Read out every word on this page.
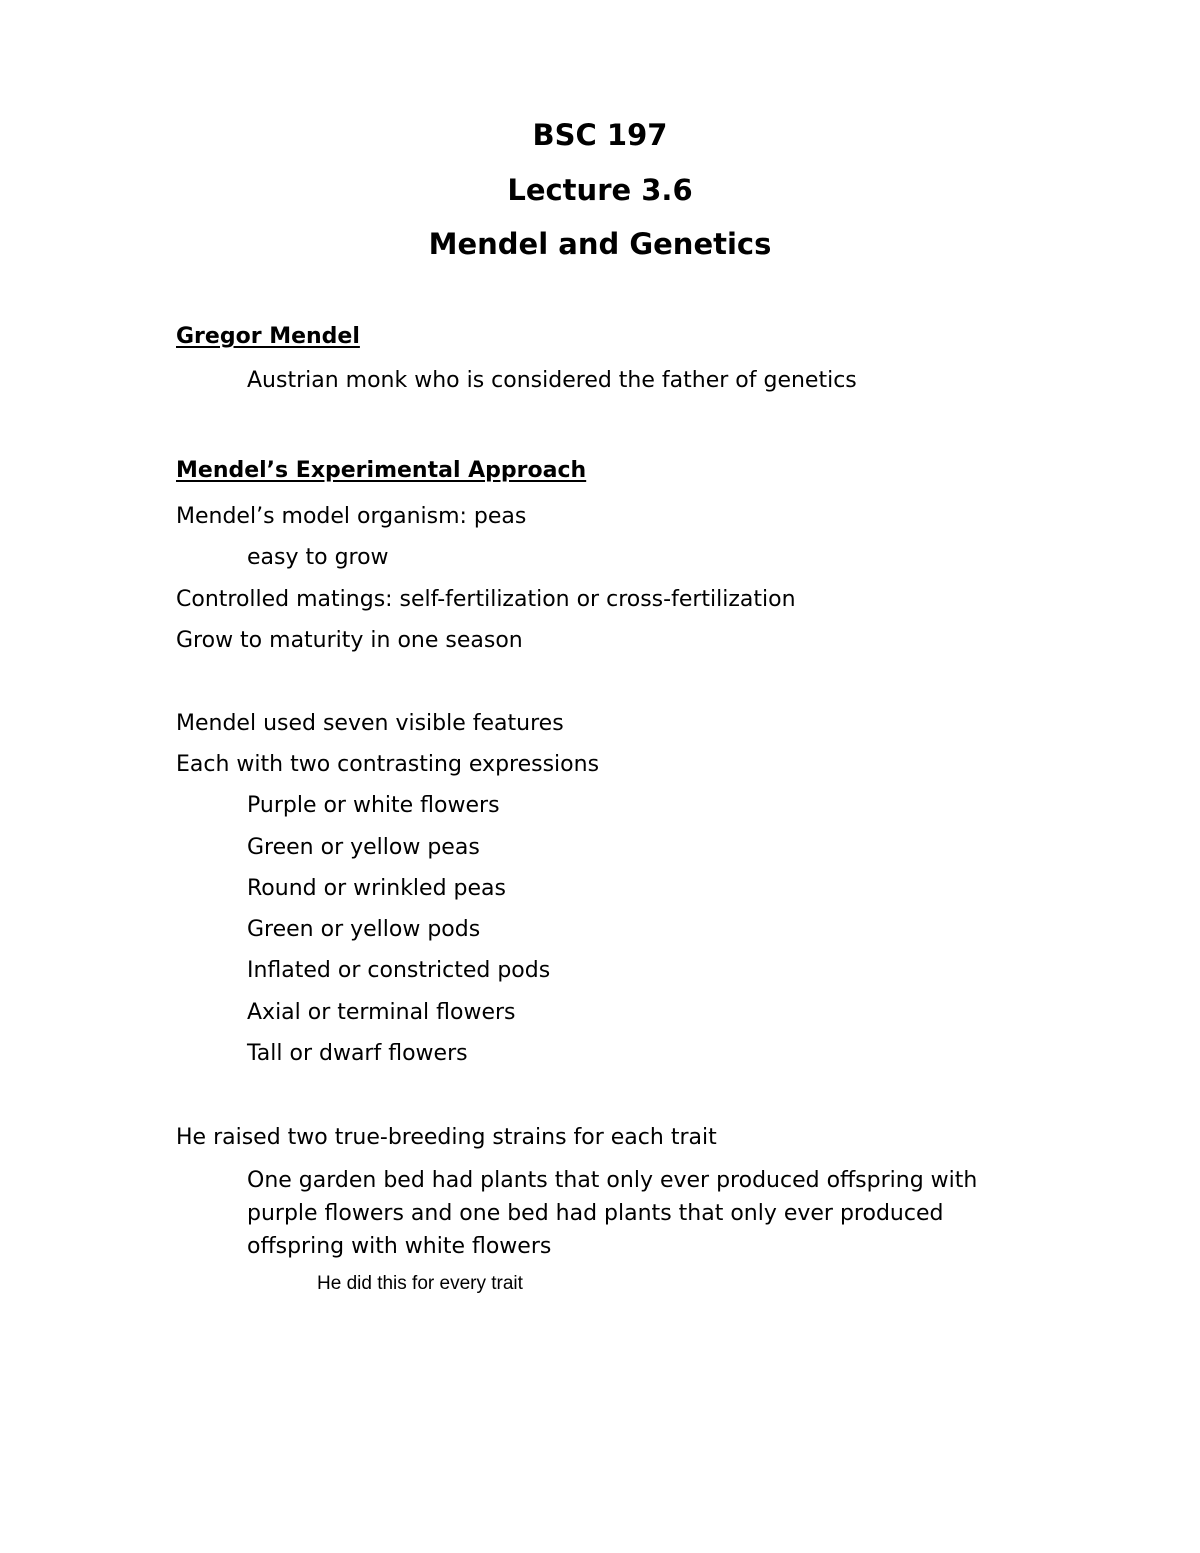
BSC 197
Lecture 3.6
Mendel and Genetics

Gregor Mendel

Austrian monk who is considered the father of genetics

Mendel’s Experimental Approach

Mendel’s model organism: peas

easy to grow

Controlled matings: self-fertilization or cross-fertilization

Grow to maturity in one season

Mendel used seven visible features

Each with two contrasting expressions

Purple or white flowers

Green or yellow peas

Round or wrinkled peas

Green or yellow pods

Inflated or constricted pods

Axial or terminal flowers

Tall or dwarf flowers

He raised two true-breeding strains for each trait

One garden bed had plants that only ever produced offspring with purple flowers and one bed had plants that only ever produced offspring with white flowers

He did this for every trait
